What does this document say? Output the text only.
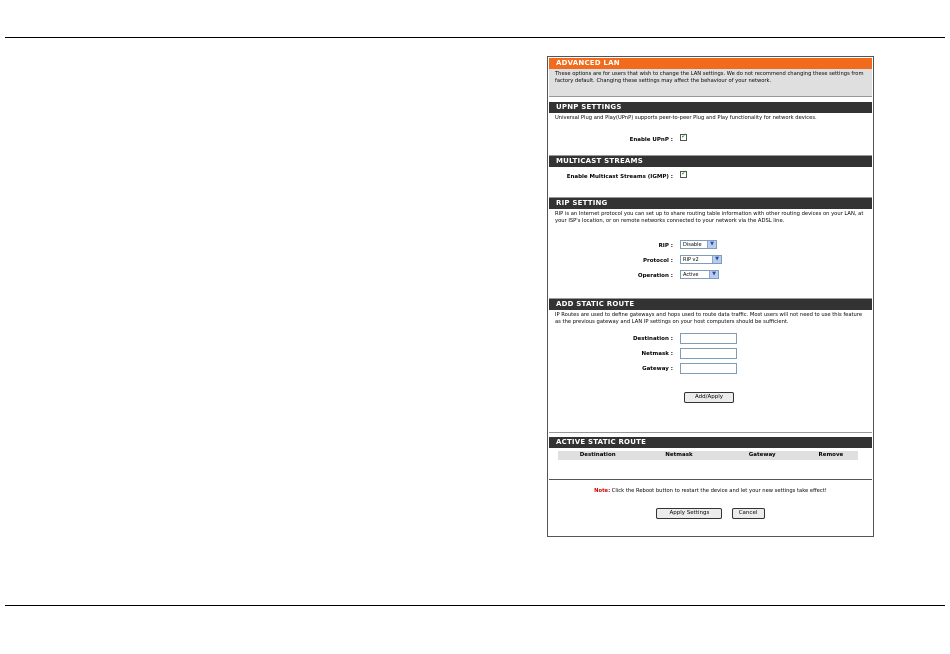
ADVANCED LAN
These options are for users that wish to change the LAN settings. We do not recommend changing these settings from factory default. Changing these settings may affect the behaviour of your network.
UPNP SETTINGS
Universal Plug and Play(UPnP) supports peer-to-peer Plug and Play functionality for network devices.
Enable UPnP : ✓
MULTICAST STREAMS
Enable Multicast Streams (IGMP) : ✓
RIP SETTING
RIP is an Internet protocol you can set up to share routing table information with other routing devices on your LAN, at your ISP's location, or on remote networks connected to your network via the ADSL line.
RIP :	Disable	▼
Protocol :	RIP v2	▼
Operation :	Active	▼
ADD STATIC ROUTE
IP Routes are used to define gateways and hops used to route data traffic. Most users will not need to use this feature as the previous gateway and LAN IP settings on your host computers should be sufficient.
Destination :
Netmask :
Gateway :
Add/Apply
ACTIVE STATIC ROUTE
Destination	Netmask	Gateway	Remove
Note: Click the Reboot button to restart the device and let your new settings take effect!
Apply Settings	Cancel
